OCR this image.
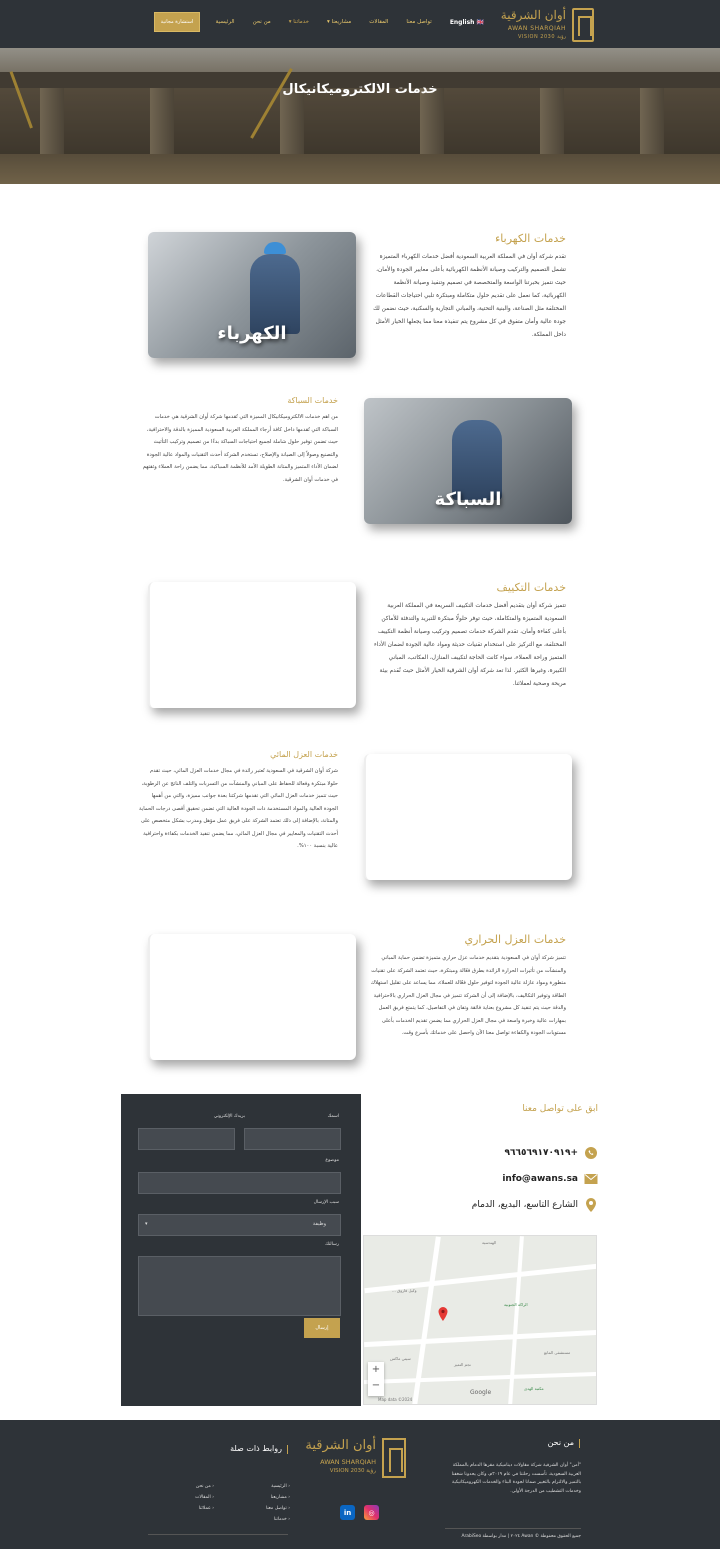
أوان الشرقية
AWAN SHARQIAH
VISION 2030 رؤية
الرئيسية	من نحن	خدماتنا ▾	مشاريعنا ▾	المقالات	تواصل معنا	English 🇬🇧
استشارة مجانية
خدمات الالكتروميكانيكال
الكهرباء
خدمات الكهرباء

تقدم شركة أوان في المملكة العربية السعودية أفضل خدمات الكهرباء المتميزة تشمل التصميم والتركيب وصيانة الأنظمة الكهربائية بأعلى معايير الجودة والأمان، حيث نتميز بخبرتنا الواسعة والمتخصصة في تصميم وتنفيذ وصيانة الأنظمة الكهربائية، كما نعمل على تقديم حلول متكاملة ومبتكرة تلبي احتياجات القطاعات المختلفة مثل الصناعة، والبنية التحتية، والمباني التجارية والسكنية، حيث نضمن لك جودة عالية وأمان متفوق في كل مشروع يتم تنفيذه معنا مما يجعلها الخيار الأمثل داخل المملكة.

خدمات السباكة

من اهم خدمات الالكتروميكانيكال المميزة التي تُقدمها شركة أوان الشرقية هي خدمات السباكة التي تُقدمها داخل كافة أرجاء المملكة العربية السعودية المميزة بالدقة والاحترافية، حيث تضمن توفير حلول شاملة لجميع احتياجات السباكة بدءًا من تصميم وتركيب التأثيث والتصنيع وصولاً إلى الصيانة والإصلاح، تستخدم الشركة أحدث التقنيات والمواد عالية الجودة لضمان الأداء المتميز والمتانة الطويلة الأمد للأنظمة السباكية، مما يضمن راحة العملاء وثقتهم في خدمات أوان الشرقية.

السباكة
خدمات التكييف

تتميز شركة أوان بتقديم أفضل خدمات التكييف السريعة في المملكة العربية السعودية المتميزة والمتكاملة، حيث توفر حلولًا مبتكرة للتبريد والتدفئة للأماكن بأعلى كفاءة وأمان، تقدم الشركة خدمات تصميم وتركيب وصيانة أنظمة التكييف المختلفة، مع التركيز على استخدام تقنيات حديثة ومواد عالية الجودة لضمان الأداء المتميز وراحة العملاء، سواء كانت الحاجة لتكييف المنازل، المكاتب، المباني الكبيرة، وغيرها الكثير. لذا تعد شركة أوان الشرقية الخيار الأمثل حيث نُقدم بيئة مريحة وصحية لعملائنا.

خدمات العزل المائي

شركة أوان الشرقية في السعودية تُعتبر رائدة في مجال خدمات العزل المائي، حيث تقدم حلولا مبتكرة وفعالة للحفاظ على المباني والمنشآت من التسربات والتلف الناتج عن الرطوبة، حيث تتميز خدمات العزل المائي التي تقدمها شركتنا بعدة جوانب مميزة، والتي من أهمها الجودة العالية والمواد المستخدمة ذات الجودة العالية التي تضمن تحقيق أقصى درجات الحماية والمتانة، بالإضافة إلى ذلك تعتمد الشركة على فريق عمل مؤهل ومدرب بشكل متخصص على أحدث التقنيات والمعايير في مجال العزل المائي، مما يضمن تنفيذ الخدمات بكفاءة واحترافية عالية بنسبة ١٠٠%.

خدمات العزل الحراري

تتميز شركة أوان في السعودية بتقديم خدمات عزل حراري متميزة تضمن حماية المباني والمنشآت من تأثيرات الحرارة الزائدة بطرق فعّالة ومبتكرة، حيث تعتمد الشركة على تقنيات متطورة ومواد عازلة عالية الجودة لتوفير حلول فعّالة للعملاء، مما يساعد على تقليل استهلاك الطاقة وتوفير التكاليف، بالإضافة إلى أن الشركة تتميز في مجال العزل الحراري بالاحترافية والدقة حيث يتم تنفيذ كل مشروع بعناية فائقة وتفان في التفاصيل، كما يتمتع فريق العمل بمهارات عالية وخبرة واسعة في مجال العزل الحراري مما يضمن تقديم الخدمات بأعلى مستويات الجودة والكفاءة تواصل معنا الآن واحصل على خدماتك بأسرع وقت.

اسمك
بريدك الإلكتروني
موضوع
سبب الإرسال
وظيفة
▾
رسالتك
إرسال
ابق على تواصل معنا
+٩٦٦٥٦٩١٧٠٩١٩
info@awans.sa
الشارع التاسع، البديع، الدمام
الهندسية
الراكة الجنوبية
وكيل فاروق ...
سيتي ماكس
نجم التميز
مستشفى المانع
مكتبة الهدى
+
−
Google
Map data ©2024
من نحن
"أمن" أوان الشرقية شركة مقاولات ديناميكية مقرها الدمام بالمملكة العربية السعودية، تأسست رحلتنا في عام ٢٠١٩م، وكان يحدونا شغفنا بالتميز والالتزام بالتغيير ضمانا لجودة البناء والخدمات الكهروميكانيكية وخدمات التشطيب من الدرجة الأولى.
جميع الحقوق محفوظة © Awan ٢٠٢٤ | مدار بواسطة ArabiSeo
أوان الشرقية
AWAN SHARQIAH
VISION 2030 رؤية
in	◎
روابط ذات صلة
‹ الرئيسية
‹ مشاريعنا
‹ تواصل معنا
‹ خدماتنا
‹ من نحن
‹ المقالات
‹ عملائنا
